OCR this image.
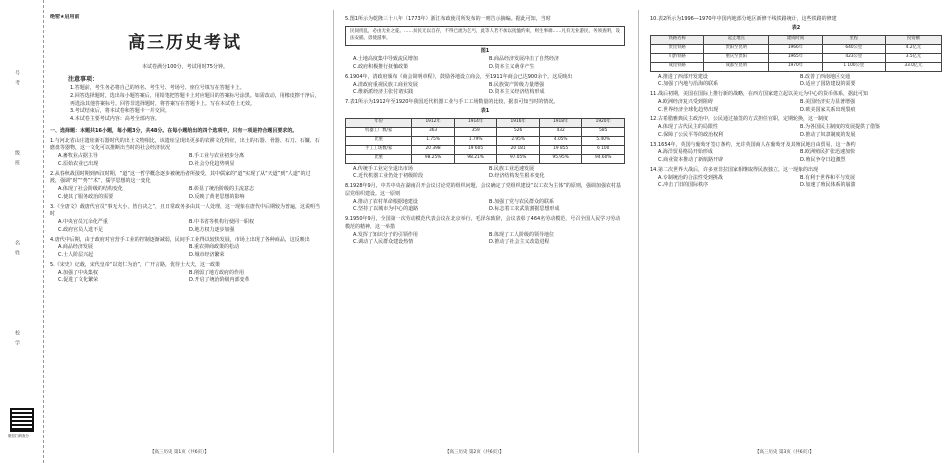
号
考
级
班
名
姓
校
学
微信扫码查分
绝密★启用前
高三历史考试
本试卷满分100分，考试用时75分钟。
注意事项：
1.答题前，考生务必将自己的姓名、考生号、考场号、座位号填写在答题卡上。
2.回答选择题时，选出每小题答案后，用铅笔把答题卡上对应题目的答案标号涂黑。如需改动，用橡皮擦干净后，再选涂其他答案标号。回答非选择题时，将答案写在答题卡上。写在本试卷上无效。
3.考试结束后，将本试卷和答题卡一并交回。
4.本试卷主要考试内容：高考全部内容。
一、选择题：本题共16小题，每小题3分，共48分。在每小题给出的四个选项中，只有一项是符合题目要求的。
1.与河北省山庄遗址新石器时代的出土文物相比，该遗址呈现出更多的农耕文化特征，出土的石器、骨器、石刀、石镰、石磨盘等器物，这一文化可以推断出当时的社会经济状况
A.畜牧业占据主导	B.手工业与农业初步分离
C.原始农业已出现	D.社会分化趋势明显
2.从春秋战国时期到西汉时期，“道”这一哲学概念逐步被统治者所接受，其中儒家的“道”实现了从“天道”到“人道”的过渡，强调“时”“势”“术”，儒学思想的这一变化
A.体现了社会阶级的结构变化	B.彰显了统治阶级的主流意志
C.使其了服务政治的需要	D.反映了黄老思想的影响
3.《全唐文》载唐代官员“事无大小，皆自决之”，且日常政务多由其一人处理，这一现象在唐代中后期较为普遍，这说明当时
A.中央官员冗余化严重	B.中书省等机构行使同一职权
C.政府官员人选不足	D.地方权力逐步加强
4.唐代中后期，由于政府对官营手工业的控制逐渐减弱，民间手工业得以较快发展，市场上出现了各种商品，这反映出
A.商品经济发展	B.重农抑商政策的松动
C.士人阶层兴起	D.城市经济繁荣
5.《宋史》记载，宋代皇帝“以宽仁为治”，广开言路，优待士大夫，这一政策
A.加强了中央集权	B.削弱了地方政府的作用
C.促进了文化繁荣	D.开启了统治阶级内部变革
5.图1所示为乾隆三十八年（1773年）浙江布政使司所发布的一则告示摘编。据此可知，当时
民间扰乱，必由无业之徒。……贫民无以自存，不得已流为乞丐，此等人若不加以抚恤约束，则生事端……凡有无业游民，务须查明，设法安插，毋使滋事。
图1
A.土地高度集中导致流民增加	B.商品经济发展冲击了自然经济
C.政府积极推行抚恤政策	D.资本主义萌芽产生
6.1904年，清政府颁布《商会简明章程》，鼓励各地设立商会，至1911年商会已达900余个。这反映出
A.清政府重视民族工商业发展	B.民族资产阶级力量增强
C.维新派经济主张付诸实践	D.资本主义经济结构形成
7.表1所示为1912年至1920年我国近代机器工业与手工工场数量的比较，据表可知当时的情况。
表1
年份	1912年	1914年	1916年	1918年	1920年
机器工厂数/家	363	359	526	432	585
比重	1.75%	1.79%	2.95%	4.05%	5.40%
手工工场数/家	20 398	19 605	20 181	19 855	6 100
比重	98.25%	98.21%	97.05%	95.95%	94.60%
A.传统手工业完全退出市场	B.民族工业迅速发展
C.近代机器工业仍处于初级阶段	D.经济结构发生根本变化
8.1928年9月，中共中央在湖南召开会议讨论党的组织问题，会议确定了党组织建设“以工农为主体”的原则，强调加强农村基层党组织建设。这一原则
A.推动了农村革命根据地建设	B.加强了党与农民群众的联系
C.坚持了以城市为中心的道路	D.标志着工农武装割据思想形成
9.1950年9月，全国第一次劳动模范代表会议在北京举行，毛泽东致辞，会议表彰了464名劳动模范，号召全国人民学习劳动模范的精神，这一举措
A.发挥了知识分子的引领作用	B.体现了工人阶级的领导地位
C.调动了人民群众建设热情	D.推动了社会主义改造进程
10.表2所示为1996—1970年中国内地部分地区新修干线铁路统计，这些铁路的修建
表2
铁路名称	起止地点	建成时间	里程	投资额
贵昆铁路	贵阳至昆明	1966年	640公里	4.2亿元
川黔铁路	重庆至贵阳	1965年	423公里	3.5亿元
成昆铁路	成都至昆明	1970年	1 100公里	33.0亿元
A.推进了西部开发建设	B.改善了西南地区交通
C.加强了内地与沿海的联系	D.适应了国防建设的需要
11.战后初期，美国在国际上推行新的战略，在西方国家建立起以美元为中心的货币体系，据此可知
A.欧洲经济复兴受到阻碍	B.美国经济实力显著增强
C.世界经济全球化趋势出现	D.欧美国家关系出现裂痕
12.古希腊雅典民主政治中，公民通过抽签的方式担任官职，定期轮换，这一制度
A.体现了古代民主的局限性	B.为各国民主制度的发展提供了借鉴
C.保障了公民平等的政治权利	D.推动了奴隶制度的发展
13.1654年，英国与葡萄牙签订条约，允许英国商人在葡萄牙及其殖民地自由贸易，这一条约
A.海洋贸易格局开始形成	B.欧洲殖民扩张迅速加快
C.商业资本推动了新航路开辟	D.殖民争夺日趋激烈
14.第二次世界大战后，许多亚非拉国家相继取得民族独立，这一现象的出现
A.专制统治的合法性受到挑战	B.有利于世界和平与发展
C.冲击了旧的国际秩序	D.加速了殖民体系的崩溃
【高三历史 第1页（共6页）】	【高三历史 第2页（共6页）】	【高三历史 第3页（共6页）】
